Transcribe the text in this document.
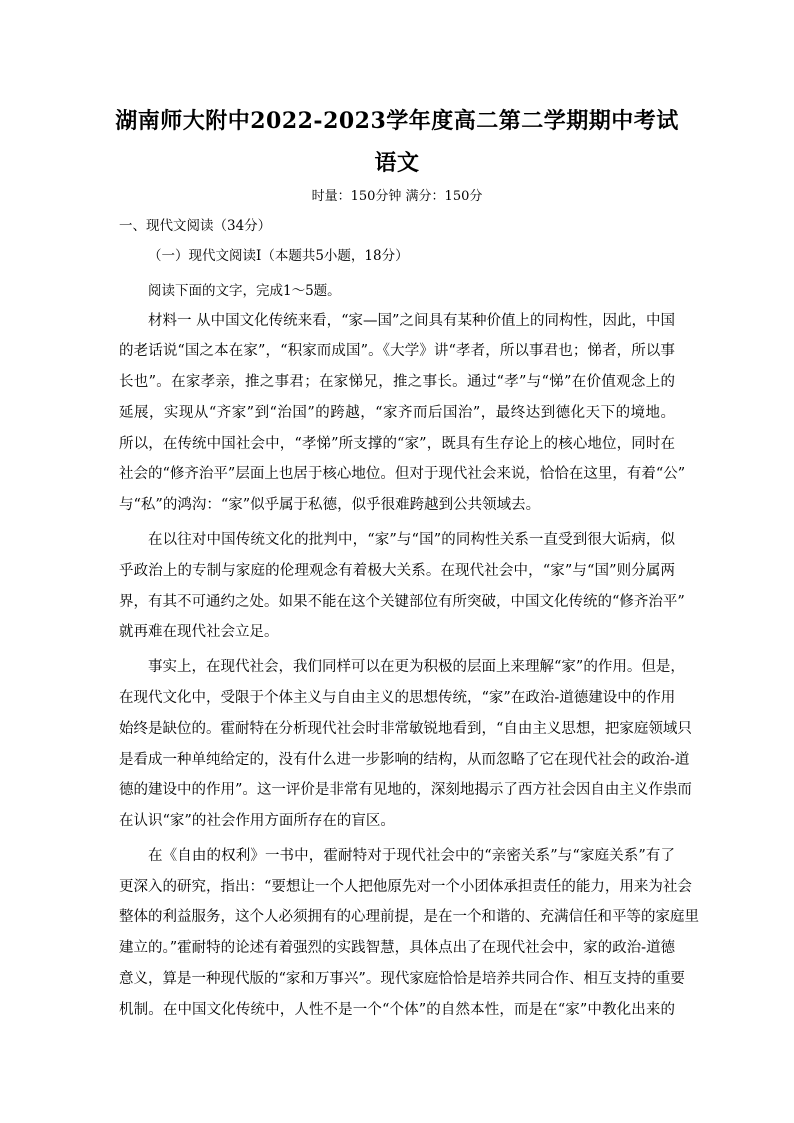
湖南师大附中2022-2023学年度高二第二学期期中考试
语文
时量：150分钟 满分：150分
一、现代文阅读（34分）
（一）现代文阅读I（本题共5小题，18分）
阅读下面的文字，完成1～5题。
材料一 从中国文化传统来看，“家—国”之间具有某种价值上的同构性，因此，中国
的老话说“国之本在家”，“积家而成国”。《大学》讲“孝者，所以事君也；悌者，所以事
长也”。在家孝亲，推之事君；在家悌兄，推之事长。通过“孝”与“悌”在价值观念上的
延展，实现从“齐家”到“治国”的跨越，“家齐而后国治”，最终达到德化天下的境地。
所以，在传统中国社会中，“孝悌”所支撑的“家”，既具有生存论上的核心地位，同时在
社会的“修齐治平”层面上也居于核心地位。但对于现代社会来说，恰恰在这里，有着“公”
与“私”的鸿沟：“家”似乎属于私德，似乎很难跨越到公共领域去。
在以往对中国传统文化的批判中，“家”与“国”的同构性关系一直受到很大诟病，似
乎政治上的专制与家庭的伦理观念有着极大关系。在现代社会中，“家”与“国”则分属两
界，有其不可通约之处。如果不能在这个关键部位有所突破，中国文化传统的“修齐治平”
就再难在现代社会立足。
事实上，在现代社会，我们同样可以在更为积极的层面上来理解“家”的作用。但是，
在现代文化中，受限于个体主义与自由主义的思想传统，“家”在政治-道德建设中的作用
始终是缺位的。霍耐特在分析现代社会时非常敏锐地看到，“自由主义思想，把家庭领域只
是看成一种单纯给定的，没有什么进一步影响的结构，从而忽略了它在现代社会的政治-道
德的建设中的作用”。这一评价是非常有见地的，深刻地揭示了西方社会因自由主义作祟而
在认识“家”的社会作用方面所存在的盲区。
在《自由的权利》一书中，霍耐特对于现代社会中的“亲密关系”与“家庭关系”有了
更深入的研究，指出：“要想让一个人把他原先对一个小团体承担责任的能力，用来为社会
整体的利益服务，这个人必须拥有的心理前提，是在一个和谐的、充满信任和平等的家庭里
建立的。”霍耐特的论述有着强烈的实践智慧，具体点出了在现代社会中，家的政治-道德
意义，算是一种现代版的“家和万事兴”。现代家庭恰恰是培养共同合作、相互支持的重要
机制。在中国文化传统中，人性不是一个“个体”的自然本性，而是在“家”中教化出来的
